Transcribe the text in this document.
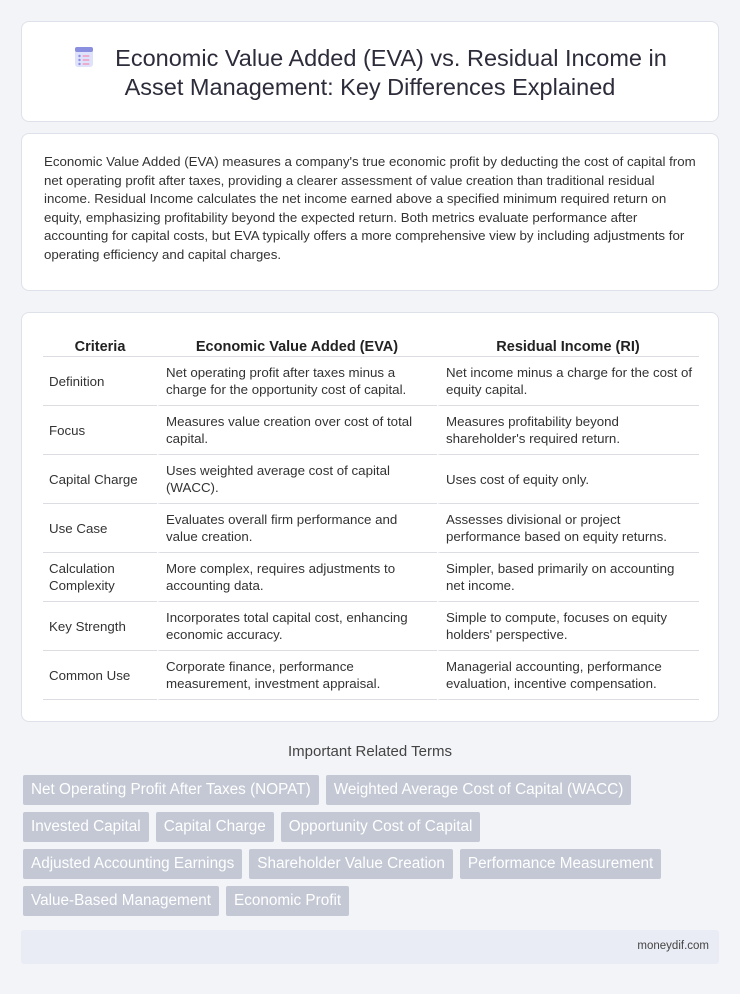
Economic Value Added (EVA) vs. Residual Income in
Asset Management: Key Differences Explained

Economic Value Added (EVA) measures a company's true economic profit by deducting the cost of capital from net operating profit after taxes, providing a clearer assessment of value creation than traditional residual income. Residual Income calculates the net income earned above a specified minimum required return on equity, emphasizing profitability beyond the expected return. Both metrics evaluate performance after accounting for capital costs, but EVA typically offers a more comprehensive view by including adjustments for operating efficiency and capital charges.

Criteria	Economic Value Added (EVA)	Residual Income (RI)
Definition	Net operating profit after taxes minus a charge for the opportunity cost of capital.	Net income minus a charge for the cost of equity capital.
Focus	Measures value creation over cost of total capital.	Measures profitability beyond shareholder's required return.
Capital Charge	Uses weighted average cost of capital (WACC).	Uses cost of equity only.
Use Case	Evaluates overall firm performance and value creation.	Assesses divisional or project performance based on equity returns.
Calculation Complexity	More complex, requires adjustments to accounting data.	Simpler, based primarily on accounting net income.
Key Strength	Incorporates total capital cost, enhancing economic accuracy.	Simple to compute, focuses on equity holders' perspective.
Common Use	Corporate finance, performance measurement, investment appraisal.	Managerial accounting, performance evaluation, incentive compensation.
Important Related Terms
Net Operating Profit After Taxes (NOPAT)	Weighted Average Cost of Capital (WACC)
Invested Capital	Capital Charge	Opportunity Cost of Capital
Adjusted Accounting Earnings	Shareholder Value Creation	Performance Measurement
Value-Based Management	Economic Profit
moneydif.com
